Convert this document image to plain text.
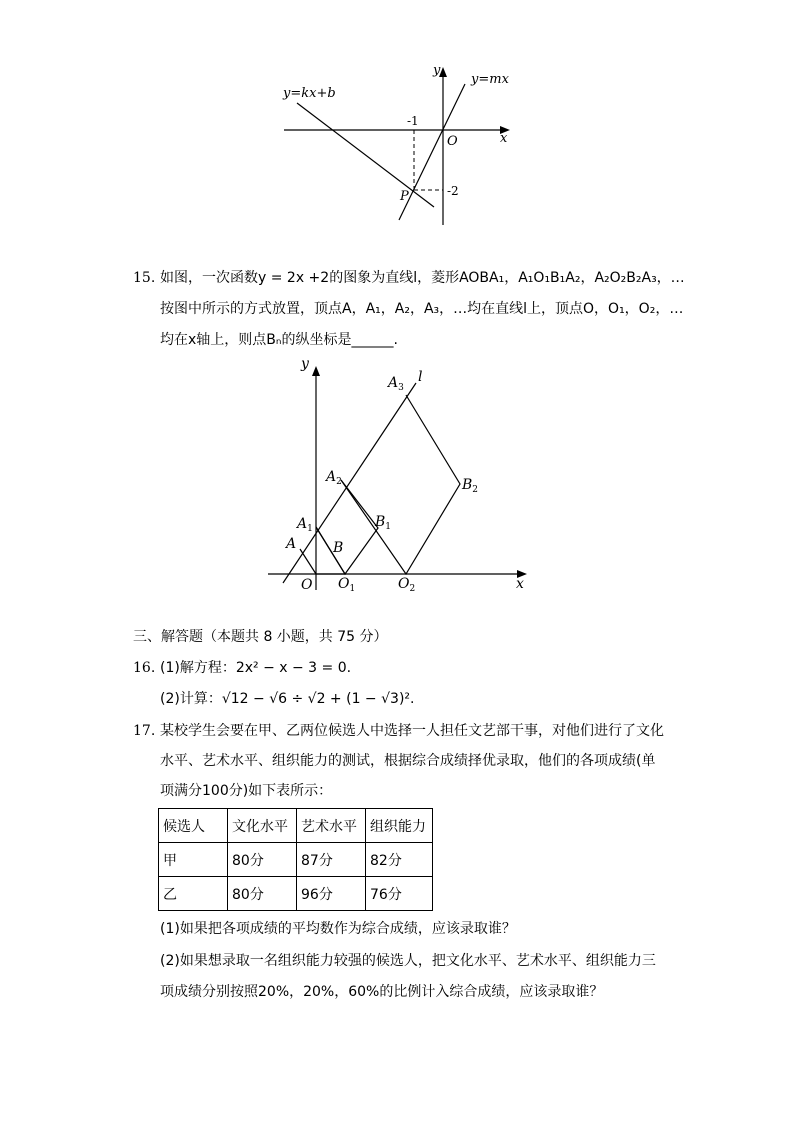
y=kx+b
y=mx
x
y
O
-1
-2
P
15. 如图，一次函数y = 2x +2的图象为直线l，菱形AOBA₁，A₁O₁B₁A₂，A₂O₂B₂A₃，…
按图中所示的方式放置，顶点A，A₁，A₂，A₃，…均在直线l上，顶点O，O₁，O₂，…
均在x轴上，则点Bₙ的纵坐标是______.
y
x
l
A	B
O
$A_1$
$O_1$
$B_1$
$A_2$
$O_2$
$B_2$
$A_3$
三、解答题（本题共 8 小题，共 75 分）
16. (1)解方程：2x² − x − 3 = 0.
(2)计算：√12 − √6 ÷ √2 + (1 − √3)².
17. 某校学生会要在甲、乙两位候选人中选择一人担任文艺部干事，对他们进行了文化
水平、艺术水平、组织能力的测试，根据综合成绩择优录取，他们的各项成绩(单
项满分100分)如下表所示：
候选人	文化水平	艺术水平	组织能力
甲	80分	87分	82分
乙	80分	96分	76分
(1)如果把各项成绩的平均数作为综合成绩，应该录取谁？
(2)如果想录取一名组织能力较强的候选人，把文化水平、艺术水平、组织能力三
项成绩分别按照20%，20%，60%的比例计入综合成绩，应该录取谁？
